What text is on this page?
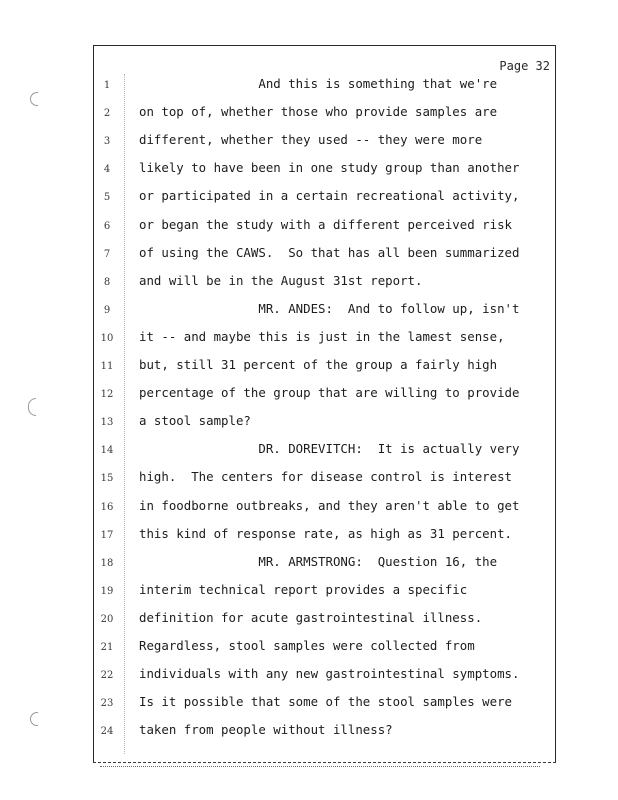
Page 32
1	And this is something that we're
2	on top of, whether those who provide samples are
3	different, whether they used -- they were more
4	likely to have been in one study group than another
5	or participated in a certain recreational activity,
6	or began the study with a different perceived risk
7	of using the CAWS.  So that has all been summarized
8	and will be in the August 31st report.
9	MR. ANDES:  And to follow up, isn't
10	it -- and maybe this is just in the lamest sense,
11	but, still 31 percent of the group a fairly high
12	percentage of the group that are willing to provide
13	a stool sample?
14	DR. DOREVITCH:  It is actually very
15	high.  The centers for disease control is interest
16	in foodborne outbreaks, and they aren't able to get
17	this kind of response rate, as high as 31 percent.
18	MR. ARMSTRONG:  Question 16, the
19	interim technical report provides a specific
20	definition for acute gastrointestinal illness.
21	Regardless, stool samples were collected from
22	individuals with any new gastrointestinal symptoms.
23	Is it possible that some of the stool samples were
24	taken from people without illness?
